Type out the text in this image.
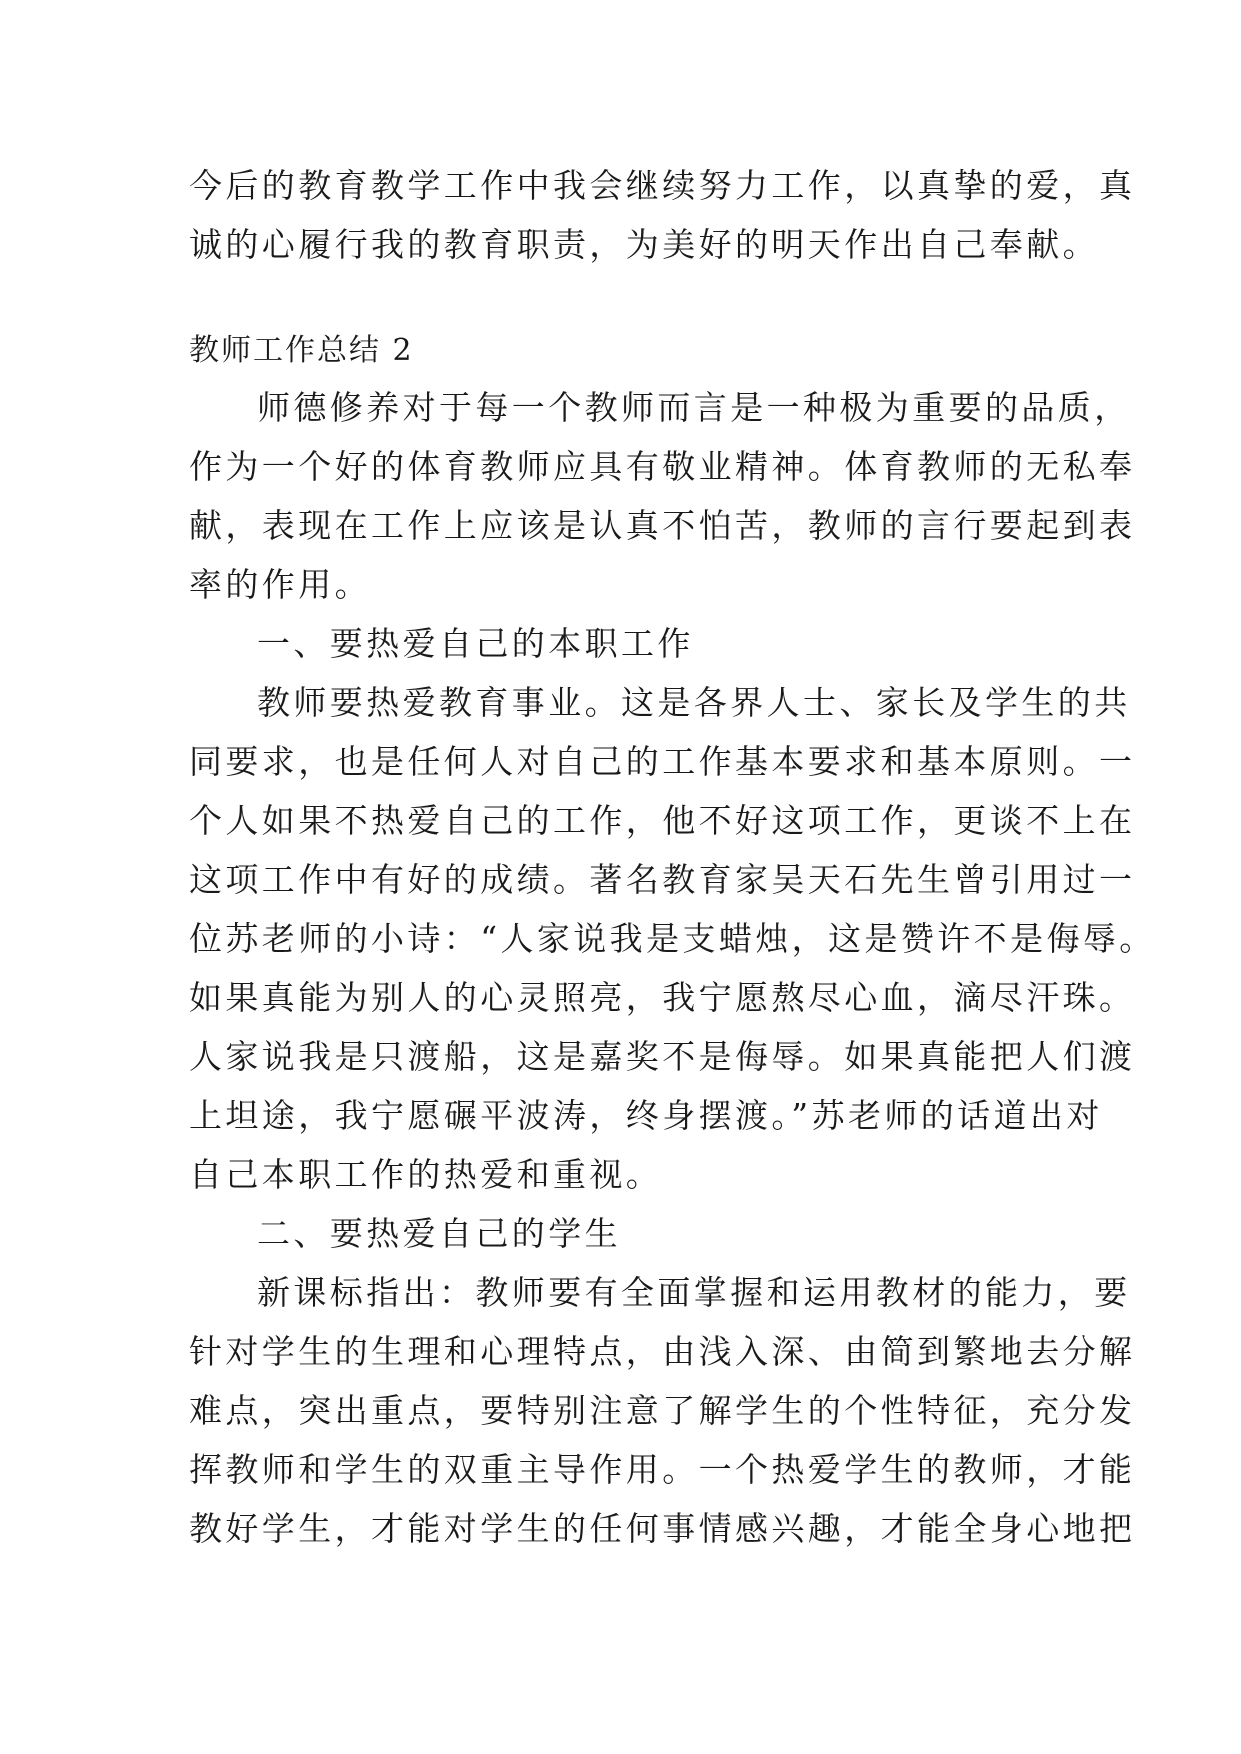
今后的教育教学工作中我会继续努力工作，以真挚的爱，真
诚的心履行我的教育职责，为美好的明天作出自己奉献。
教师工作总结 2
师德修养对于每一个教师而言是一种极为重要的品质，
作为一个好的体育教师应具有敬业精神。体育教师的无私奉
献，表现在工作上应该是认真不怕苦，教师的言行要起到表
率的作用。
一、要热爱自己的本职工作
教师要热爱教育事业。这是各界人士、家长及学生的共
同要求，也是任何人对自己的工作基本要求和基本原则。一
个人如果不热爱自己的工作，他不好这项工作，更谈不上在
这项工作中有好的成绩。著名教育家吴天石先生曾引用过一
位苏老师的小诗：“人家说我是支蜡烛，这是赞许不是侮辱。
如果真能为别人的心灵照亮，我宁愿熬尽心血，滴尽汗珠。
人家说我是只渡船，这是嘉奖不是侮辱。如果真能把人们渡
上坦途，我宁愿碾平波涛，终身摆渡。”苏老师的话道出对
自己本职工作的热爱和重视。
二、要热爱自己的学生
新课标指出：教师要有全面掌握和运用教材的能力，要
针对学生的生理和心理特点，由浅入深、由简到繁地去分解
难点，突出重点，要特别注意了解学生的个性特征，充分发
挥教师和学生的双重主导作用。一个热爱学生的教师，才能
教好学生，才能对学生的任何事情感兴趣，才能全身心地把
